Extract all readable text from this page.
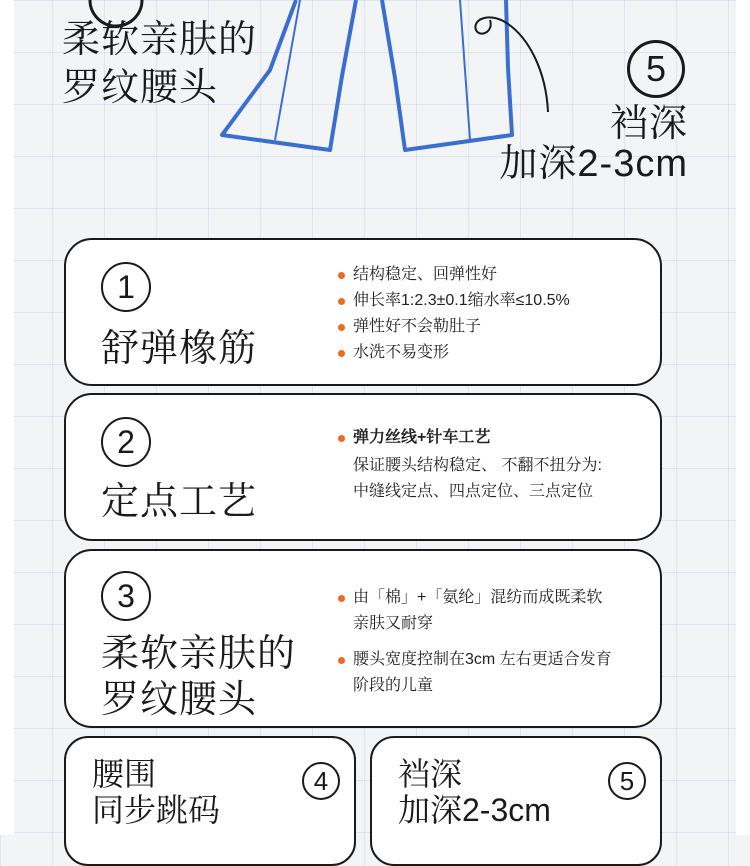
柔软亲肤的
罗纹腰头	5
裆深
加深2-3cm
1
舒弹橡筋
结构稳定、回弹性好
伸长率1:2.3±0.1缩水率≤10.5%
弹性好不会勒肚子
水洗不易变形
2
定点工艺
弹力丝线+针车工艺
保证腰头结构稳定、 不翻不扭分为:
中缝线定点、四点定位、三点定位
3
柔软亲肤的
罗纹腰头
由「棉」+「氨纶」混纺而成既柔软
亲肤又耐穿
腰头宽度控制在3cm 左右更适合发育
阶段的儿童
腰围
同步跳码
4	裆深
加深2-3cm
5
